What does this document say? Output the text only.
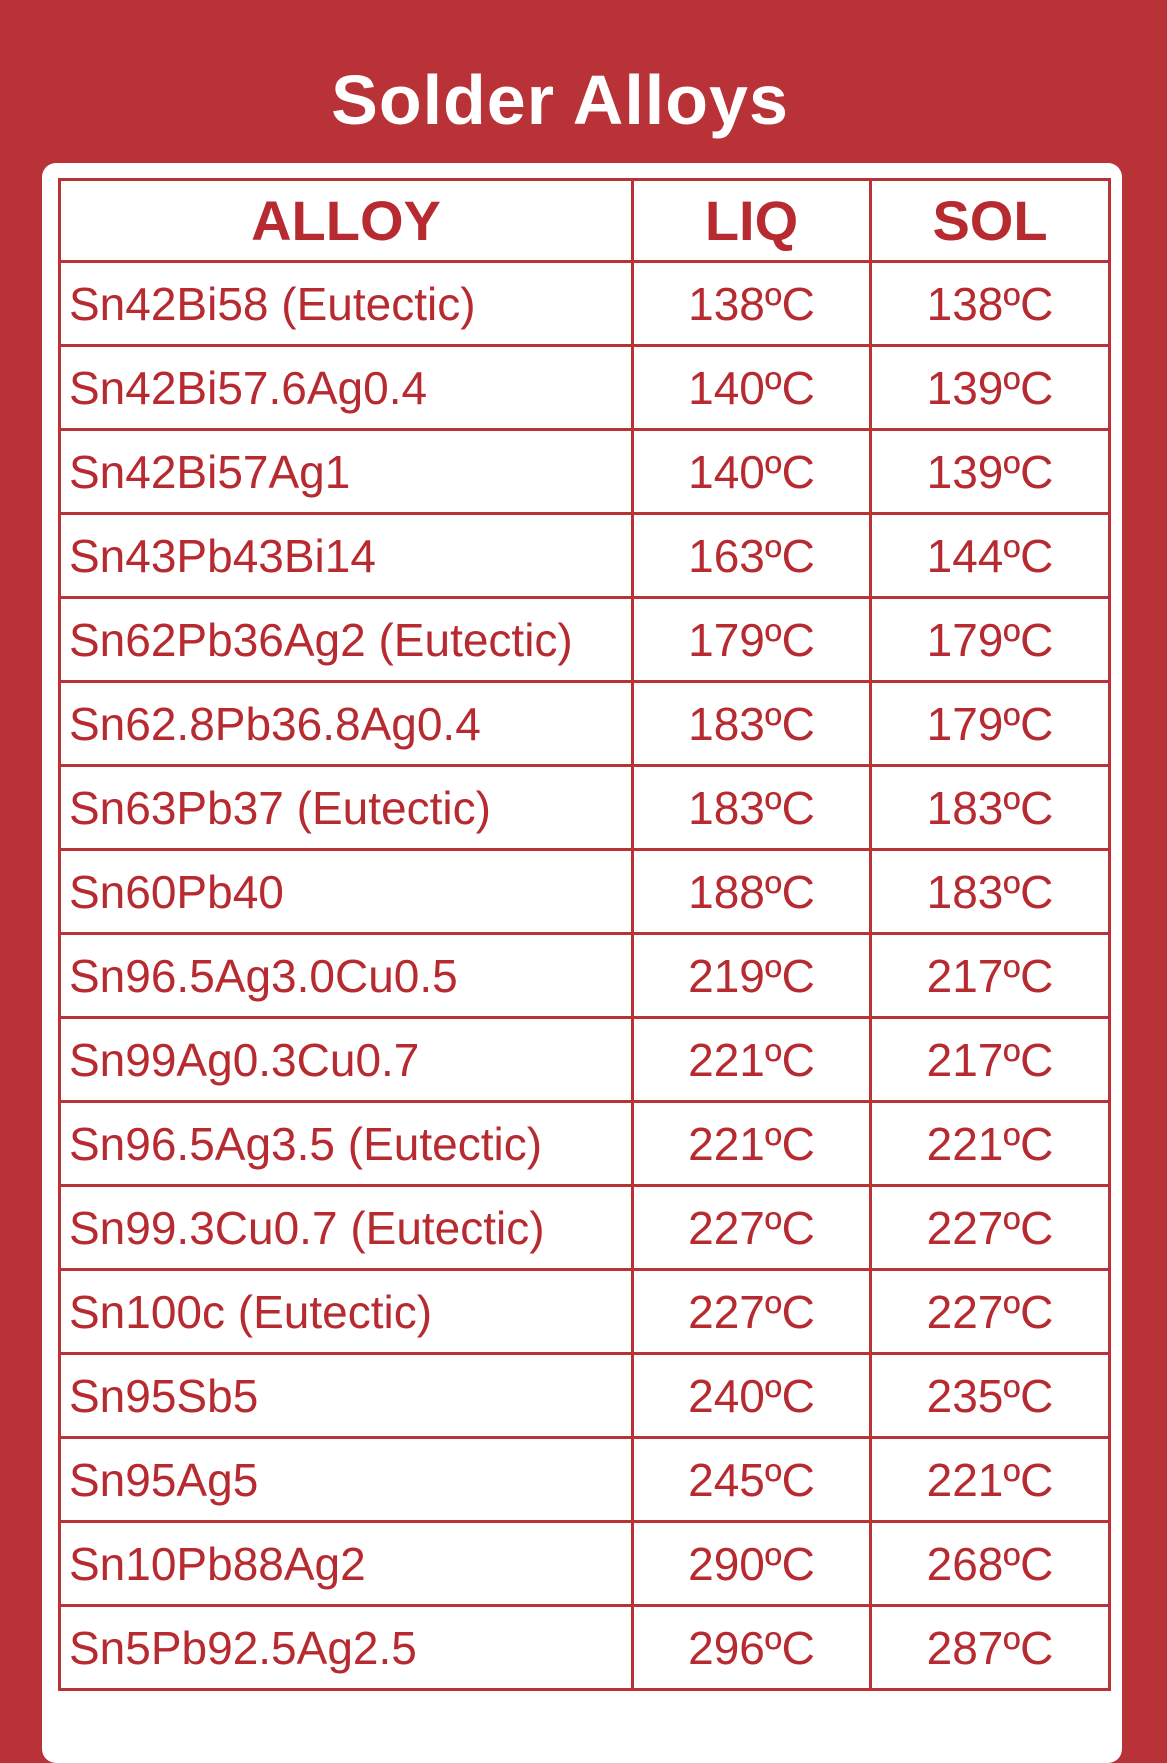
Solder Alloys
ALLOY	LIQ	SOL
Sn42Bi58 (Eutectic)	138ºC	138ºC
Sn42Bi57.6Ag0.4	140ºC	139ºC
Sn42Bi57Ag1	140ºC	139ºC
Sn43Pb43Bi14	163ºC	144ºC
Sn62Pb36Ag2 (Eutectic)	179ºC	179ºC
Sn62.8Pb36.8Ag0.4	183ºC	179ºC
Sn63Pb37 (Eutectic)	183ºC	183ºC
Sn60Pb40	188ºC	183ºC
Sn96.5Ag3.0Cu0.5	219ºC	217ºC
Sn99Ag0.3Cu0.7	221ºC	217ºC
Sn96.5Ag3.5 (Eutectic)	221ºC	221ºC
Sn99.3Cu0.7 (Eutectic)	227ºC	227ºC
Sn100c (Eutectic)	227ºC	227ºC
Sn95Sb5	240ºC	235ºC
Sn95Ag5	245ºC	221ºC
Sn10Pb88Ag2	290ºC	268ºC
Sn5Pb92.5Ag2.5	296ºC	287ºC
